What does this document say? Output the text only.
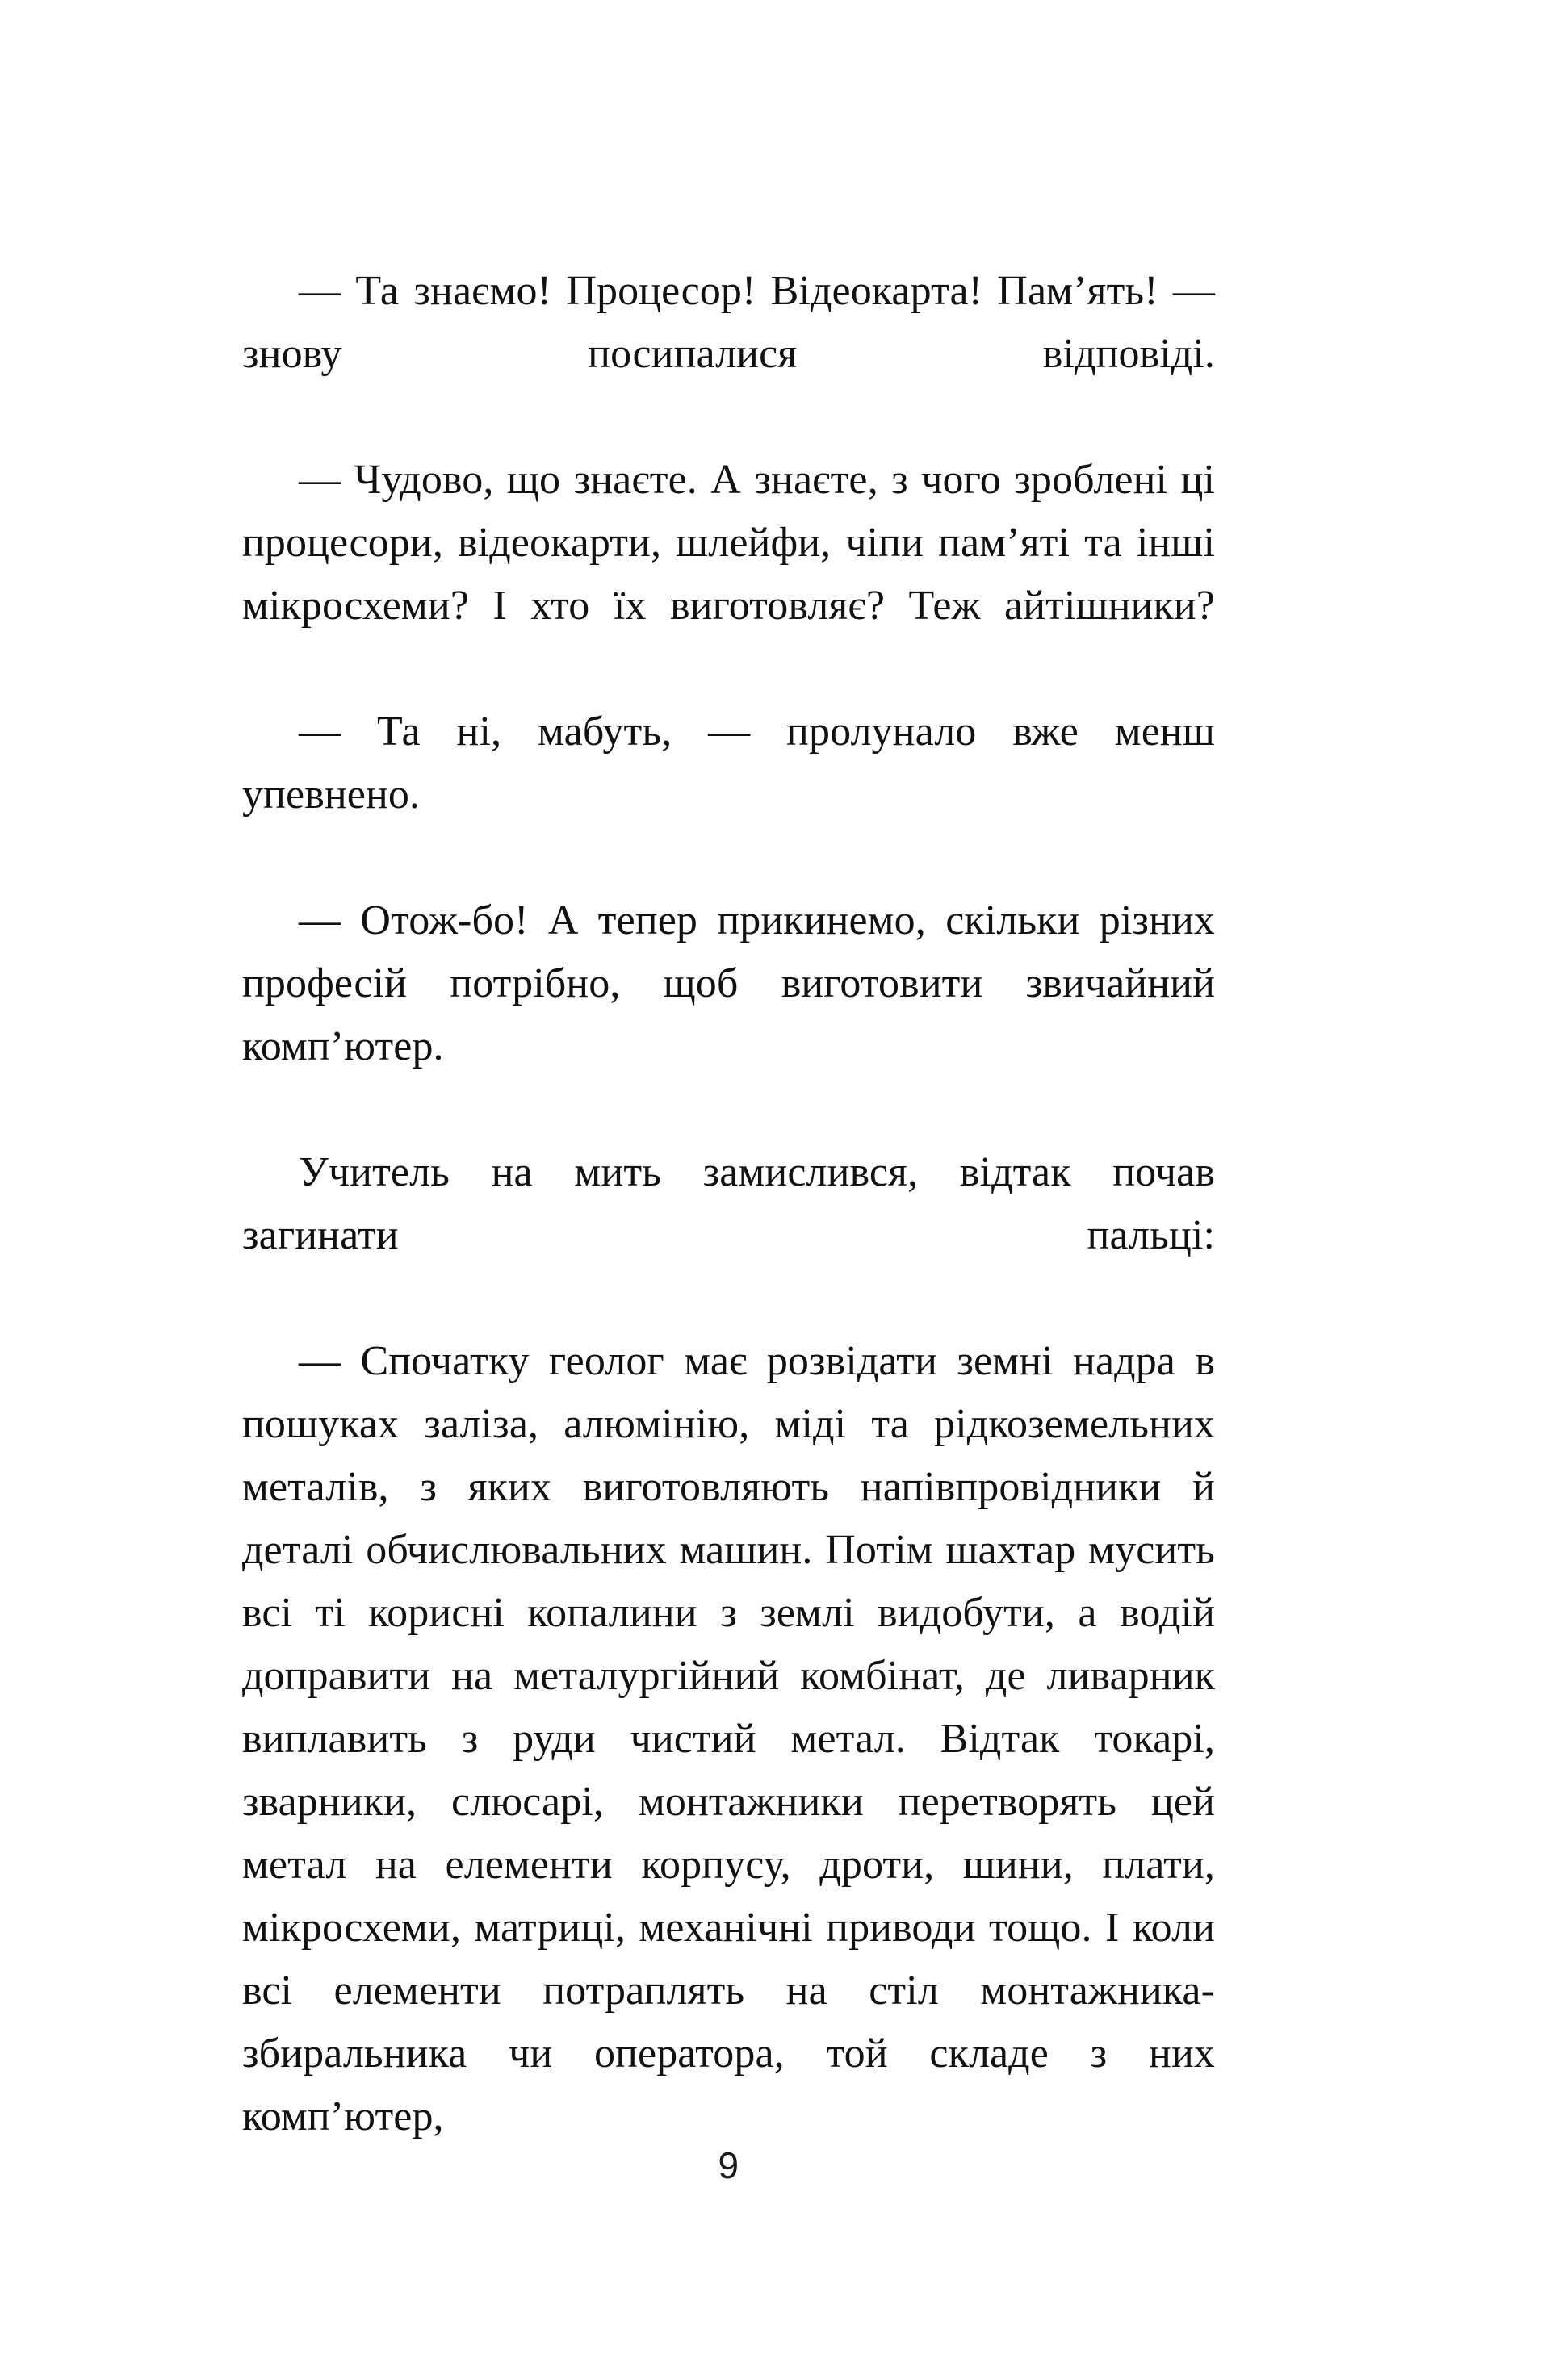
— Та знаємо! Процесор! Відеокарта! Пам’ять! — знову посипалися відповіді.

— Чудово, що знаєте. А знаєте, з чого зроблені ці процесори, відеокарти, шлейфи, чіпи пам’яті та інші мікросхеми? І хто їх виготовляє? Теж айтішники?

— Та ні, мабуть, — пролунало вже менш упевнено.

— Отож-бо! А тепер прикинемо, скільки різних професій потрібно, щоб виготовити звичайний комп’ютер.

Учитель на мить замислився, відтак почав загинати пальці:

— Спочатку геолог має розвідати земні надра в пошуках заліза, алюмінію, міді та рідкоземельних металів, з яких виготовляють напівпровідники й деталі обчислювальних машин. Потім шахтар мусить всі ті корисні копалини з землі видобути, а водій доправити на металургійний комбінат, де ливарник виплавить з руди чистий метал. Відтак токарі, зварники, слюсарі, монтажники перетворять цей метал на елементи корпусу, дроти, шини, плати, мікросхеми, матриці, механічні приводи тощо. І коли всі елементи потраплять на стіл монтажника-збиральника чи оператора, той складе з них комп’ютер,

9
